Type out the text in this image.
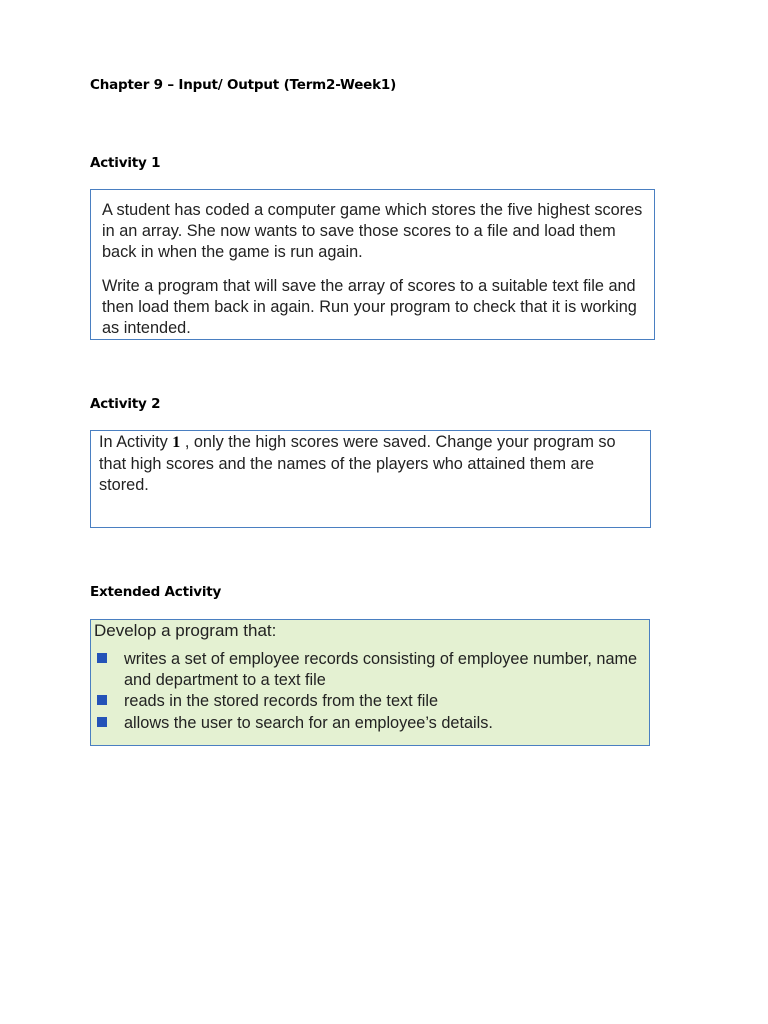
Chapter 9 – Input/ Output (Term2-Week1)
Activity 1

A student has coded a computer game which stores the five highest scores in an array. She now wants to save those scores to a file and load them back in when the game is run again.

Write a program that will save the array of scores to a suitable text file and then load them back in again. Run your program to check that it is working as intended.

Activity 2

In Activity 1 , only the high scores were saved. Change your program so that high scores and the names of the players who attained them are stored.

Extended Activity

Develop a program that:

writes a set of employee records consisting of employee number, name and department to a text file
reads in the stored records from the text file
allows the user to search for an employee’s details.
